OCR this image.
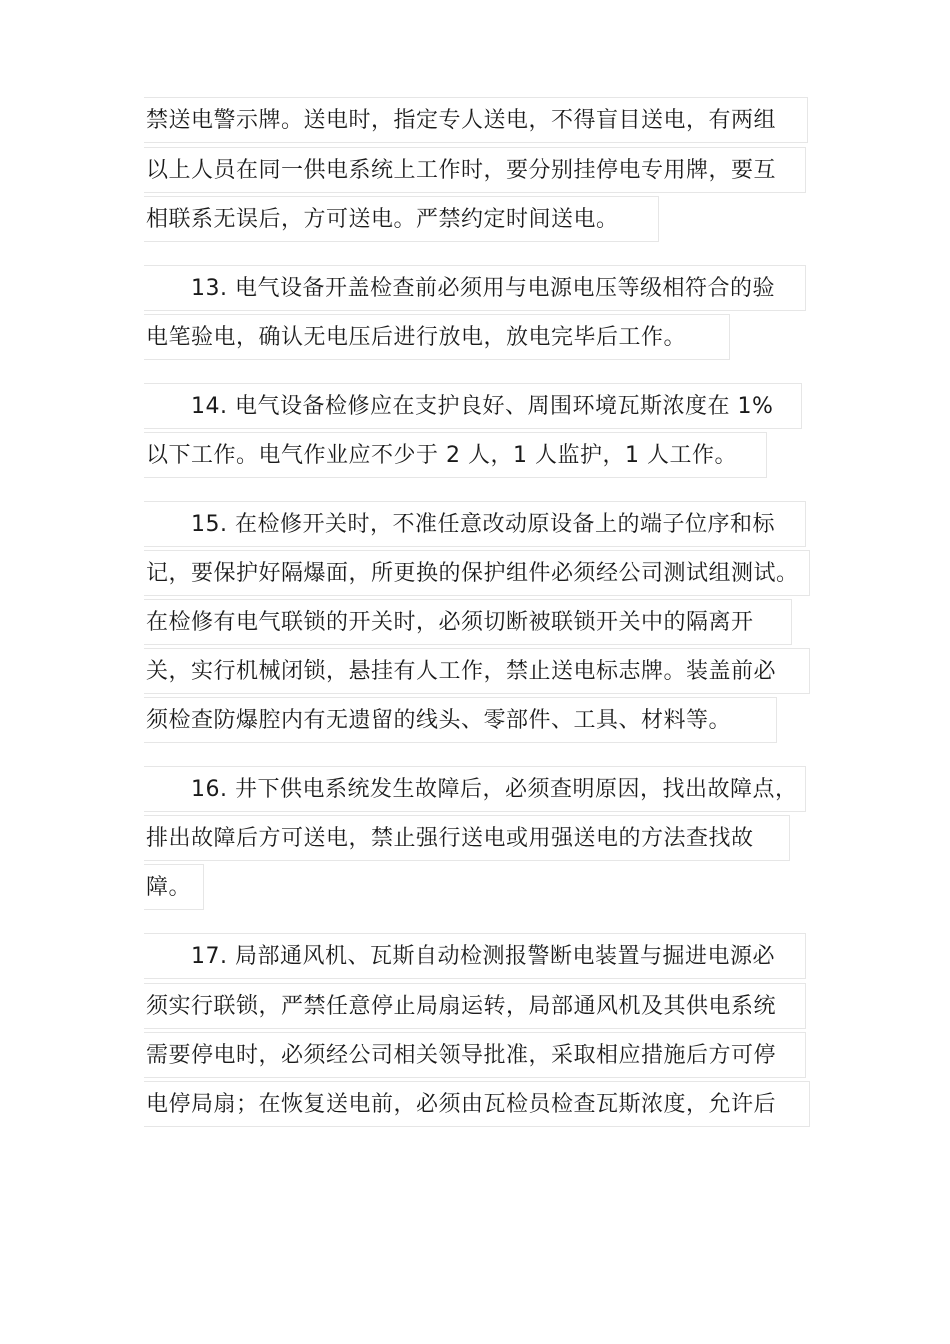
禁送电警示牌。送电时，指定专人送电，不得盲目送电，有两组
以上人员在同一供电系统上工作时，要分别挂停电专用牌，要互
相联系无误后，方可送电。严禁约定时间送电。
13. 电气设备开盖检查前必须用与电源电压等级相符合的验
电笔验电，确认无电压后进行放电，放电完毕后工作。
14. 电气设备检修应在支护良好、周围环境瓦斯浓度在 1%
以下工作。电气作业应不少于 2 人，1 人监护，1 人工作。
15. 在检修开关时，不准任意改动原设备上的端子位序和标
记，要保护好隔爆面，所更换的保护组件必须经公司测试组测试。
在检修有电气联锁的开关时，必须切断被联锁开关中的隔离开
关，实行机械闭锁，悬挂有人工作，禁止送电标志牌。装盖前必
须检查防爆腔内有无遗留的线头、零部件、工具、材料等。
16. 井下供电系统发生故障后，必须查明原因，找出故障点，
排出故障后方可送电，禁止强行送电或用强送电的方法查找故
障。
17. 局部通风机、瓦斯自动检测报警断电装置与掘进电源必
须实行联锁，严禁任意停止局扇运转，局部通风机及其供电系统
需要停电时，必须经公司相关领导批准，采取相应措施后方可停
电停局扇；在恢复送电前，必须由瓦检员检查瓦斯浓度，允许后
